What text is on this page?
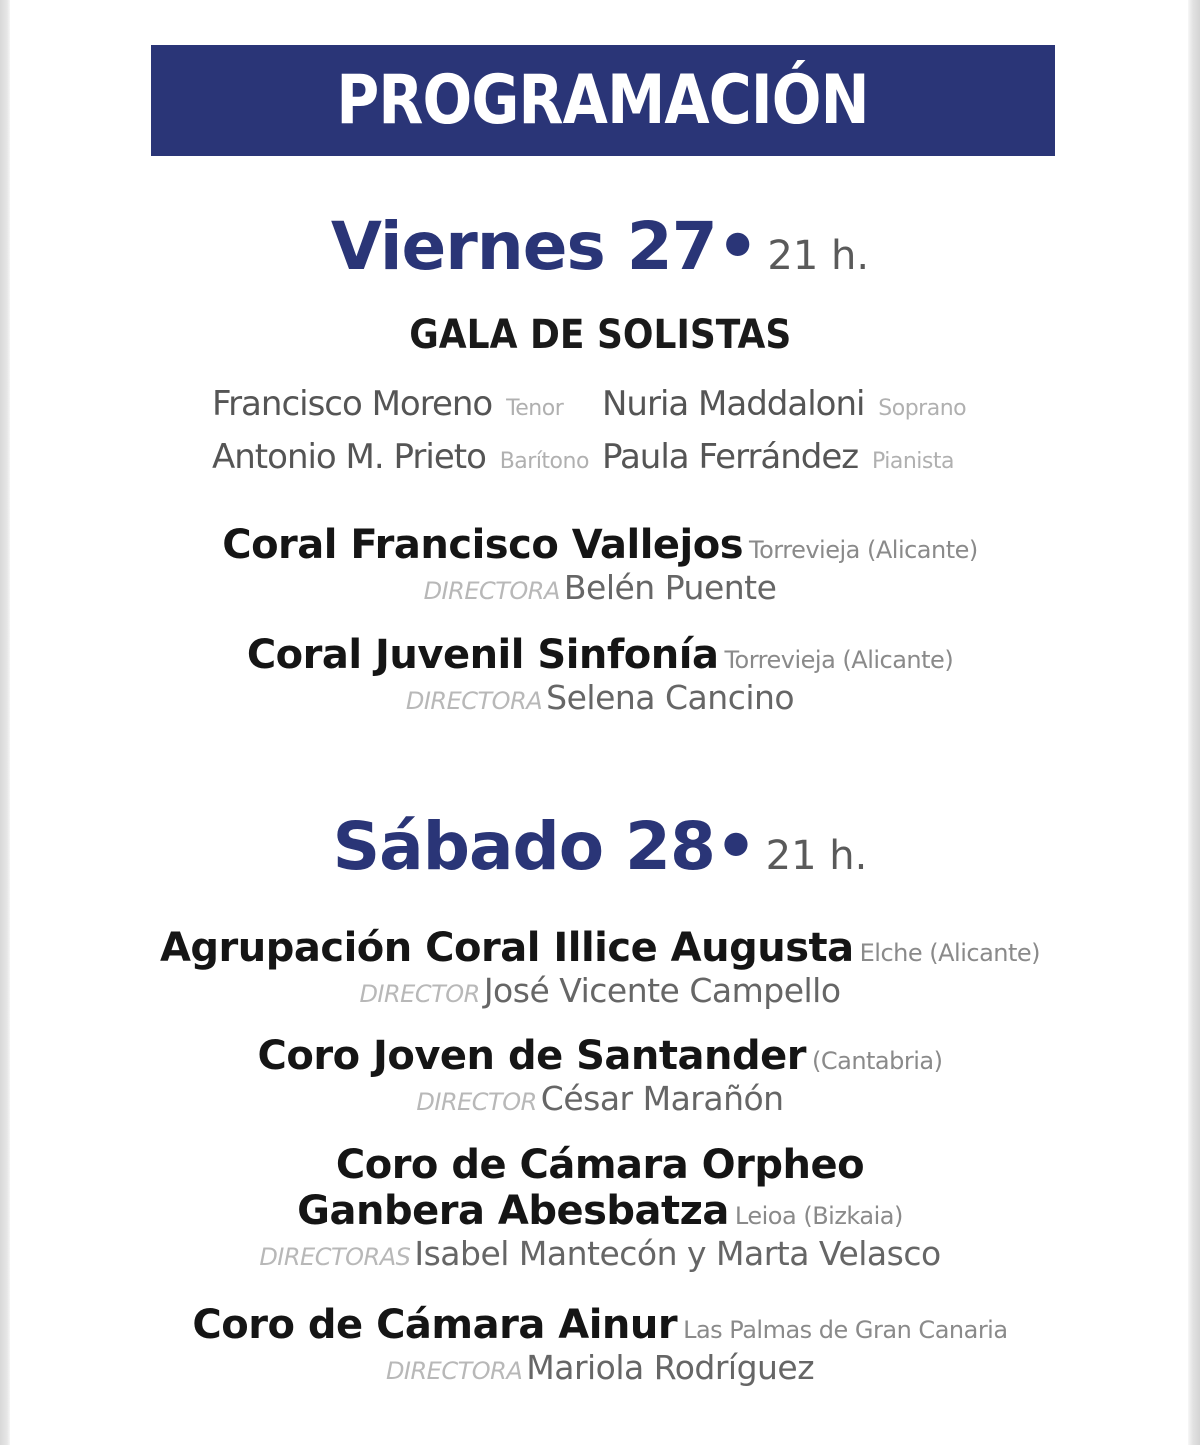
PROGRAMACIÓN
Viernes 27• 21 h.
GALA DE SOLISTAS
Francisco Moreno Tenor	Nuria Maddaloni Soprano
Antonio M. Prieto Barítono Paula Ferrández Pianista
Coral Francisco Vallejos Torrevieja (Alicante)
DIRECTORA Belén Puente
Coral Juvenil Sinfonía Torrevieja (Alicante)
DIRECTORA Selena Cancino
Sábado 28• 21 h.
Agrupación Coral Illice Augusta Elche (Alicante)
DIRECTOR José Vicente Campello
Coro Joven de Santander (Cantabria)
DIRECTOR César Marañón
Coro de Cámara Orpheo
Ganbera Abesbatza Leioa (Bizkaia)
DIRECTORAS Isabel Mantecón y Marta Velasco
Coro de Cámara Ainur Las Palmas de Gran Canaria
DIRECTORA Mariola Rodríguez
